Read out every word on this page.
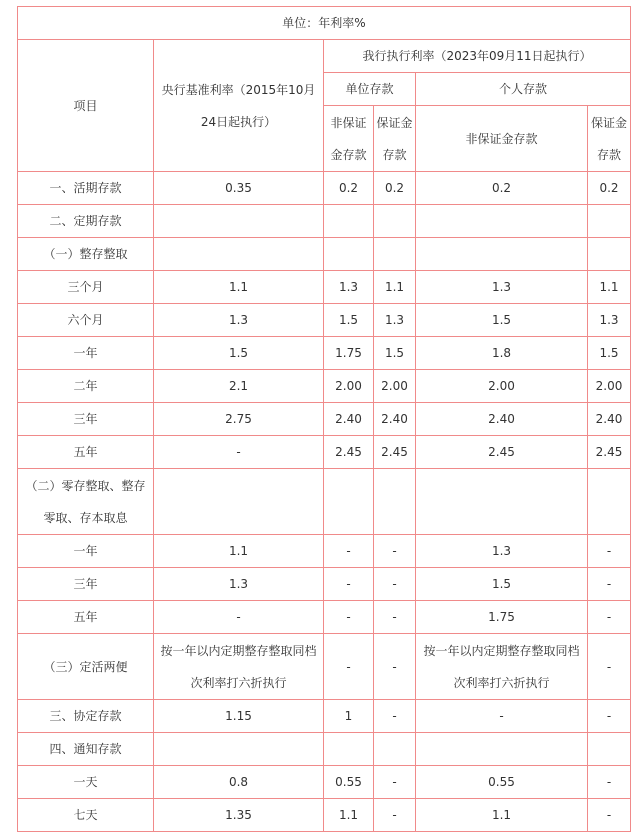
单位：年利率%					
项目	央行基准利率（2015年10月24日起执行）	我行执行利率（2023年09月11日起执行）			
		单位存款		个人存款	
		非保证金存款	保证金存款	非保证金存款	保证金存款

一、活期存款	0.35	0.2	0.2	0.2	0.2
二、定期存款					
（一）整存整取					
三个月	1.1	1.3	1.1	1.3	1.1
六个月	1.3	1.5	1.3	1.5	1.3
一年	1.5	1.75	1.5	1.8	1.5
二年	2.1	2.00	2.00	2.00	2.00
三年	2.75	2.40	2.40	2.40	2.40
五年	-	2.45	2.45	2.45	2.45
（二）零存整取、整存零取、存本取息					
一年	1.1	-	-	1.3	-
三年	1.3	-	-	1.5	-
五年	-	-	-	1.75	-
（三）定活两便	按一年以内定期整存整取同档次利率打六折执行	-	-	按一年以内定期整存整取同档次利率打六折执行	-
三、协定存款	1.15	1	-	-	-
四、通知存款					
一天	0.8	0.55	-	0.55	-
七天	1.35	1.1	-	1.1	-
